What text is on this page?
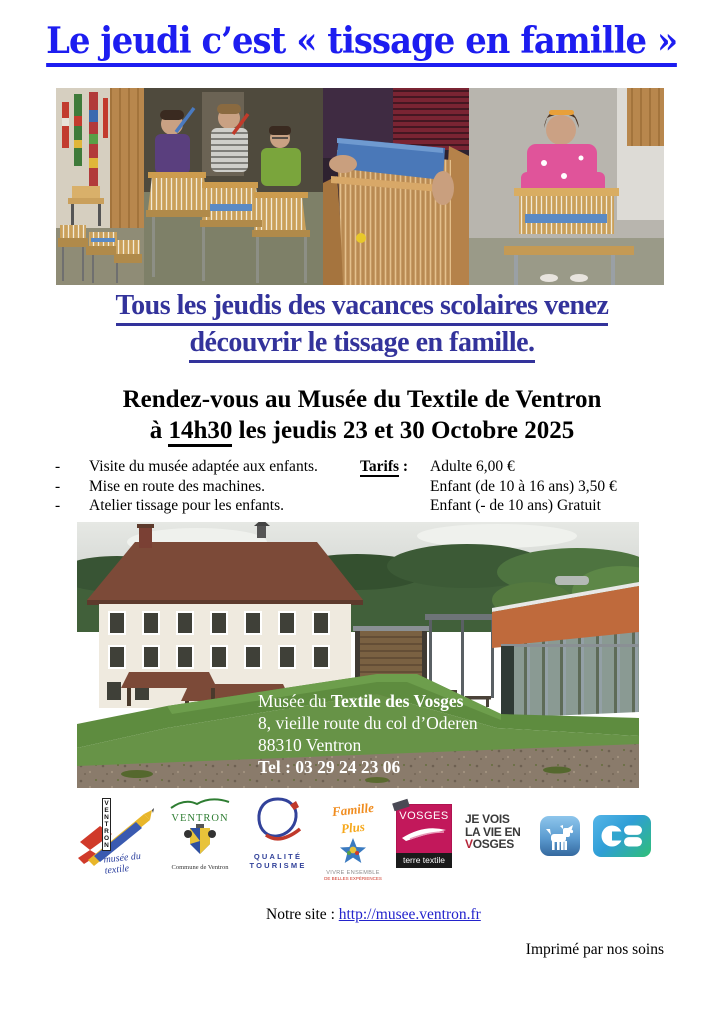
Le jeudi c’est « tissage en famille »
Tous les jeudis des vacances scolaires venez
découvrir le tissage en famille.
Rendez-vous au Musée du Textile de Ventron
à 14h30 les jeudis 23 et 30 Octobre 2025
-	Visite du musée adaptée aux enfants.
-	Mise en route des machines.
-	Atelier tissage pour les enfants.
Tarifs : Adulte 6,00 €
Enfant (de 10 à 16 ans) 3,50 €
Enfant (- de 10 ans) Gratuit
Musée du Textile des Vosges
8, vieille route du col d’Oderen
88310 Ventron
Tel : 03 29 24 23 06
VENTRON
musée du textile
VENTRON
Commune de Ventron
QUALITÉ
TOURISME
FamillePlus
VIVRE ENSEMBLE
DE BELLES EXPÉRIENCES
VOSGES
terre textile
JE VOIS
LA VIE EN
VOSGES
Notre site : http://musee.ventron.fr
Imprimé par nos soins
